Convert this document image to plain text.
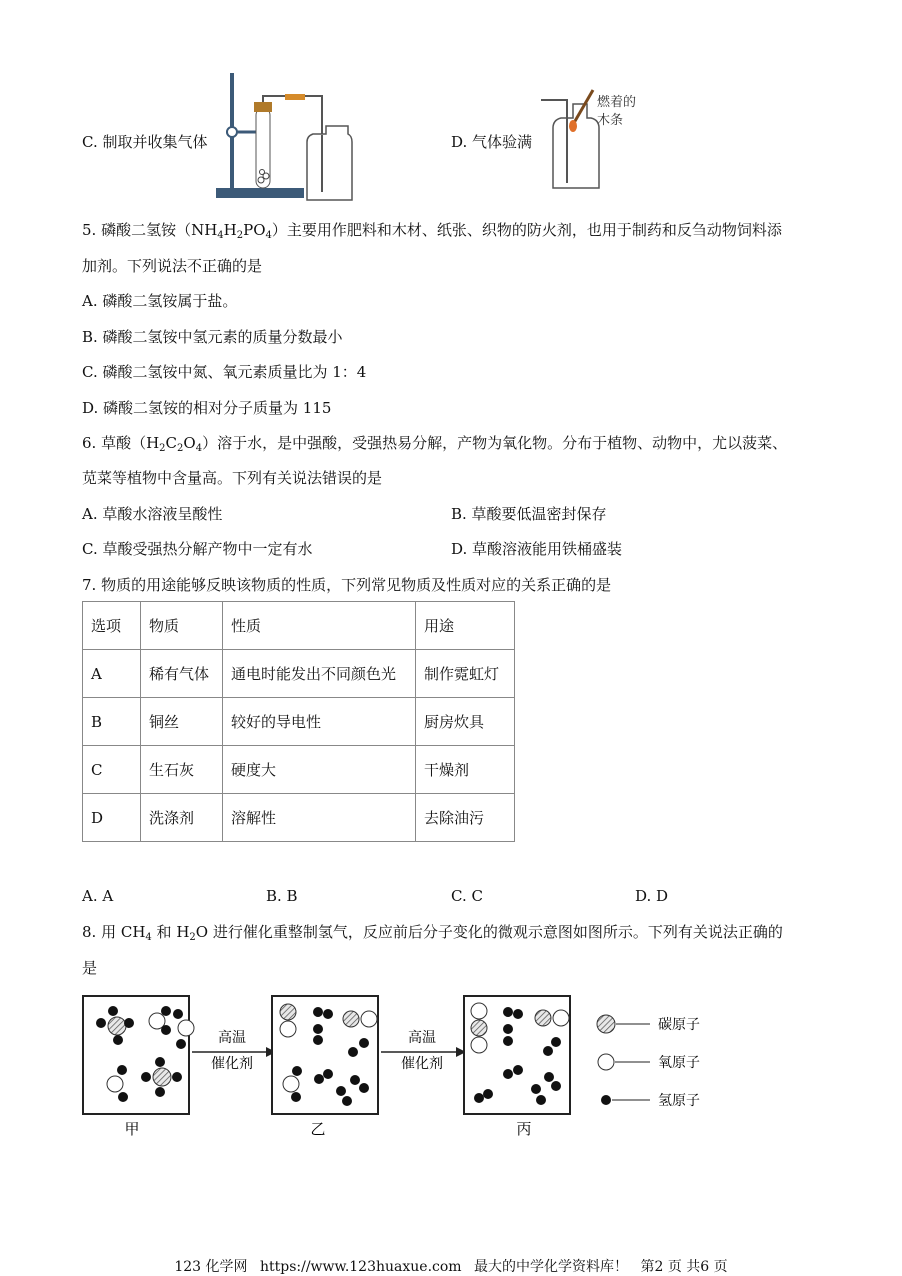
C. 制取并收集气体	D. 气体验满
燃着的
木条
5. 磷酸二氢铵$(NH_4H_2PO_4)$主要用作肥料和木材、纸张、织物的防火剂，也用于制药和反刍动物饲料添
加剂。下列说法不正确的是
A. 磷酸二氢铵属于盐。
B. 磷酸二氢铵中氢元素的质量分数最小
C. 磷酸二氢铵中氮、氧元素质量比为 1：4
D. 磷酸二氢铵的相对分子质量为 115
6. 草酸$(H_2C_2O_4)$溶于水，是中强酸，受强热易分解，产物为氧化物。分布于植物、动物中，尤以菠菜、
苋菜等植物中含量高。下列有关说法错误的是
A. 草酸水溶液呈酸性	B. 草酸要低温密封保存
C. 草酸受强热分解产物中一定有水	D. 草酸溶液能用铁桶盛装
7. 物质的用途能够反映该物质的性质，下列常见物质及性质对应的关系正确的是
选项	物质	性质	用途
A	稀有气体	通电时能发出不同颜色光	制作霓虹灯
B	铜丝	较好的导电性	厨房炊具
C	生石灰	硬度大	干燥剂
D	洗涤剂	溶解性	去除油污
A. A	B. B	C. C	D. D
8. 用 $CH_4$ 和 $H_2O$ 进行催化重整制氢气，反应前后分子变化的微观示意图如图所示。下列有关说法正确的
是
高温
催化剂
高温
催化剂
甲	乙	丙
碳原子
氧原子
氢原子
123 化学网 https://www.123huaxue.com 最大的中学化学资料库！ 第2 页 共6 页
